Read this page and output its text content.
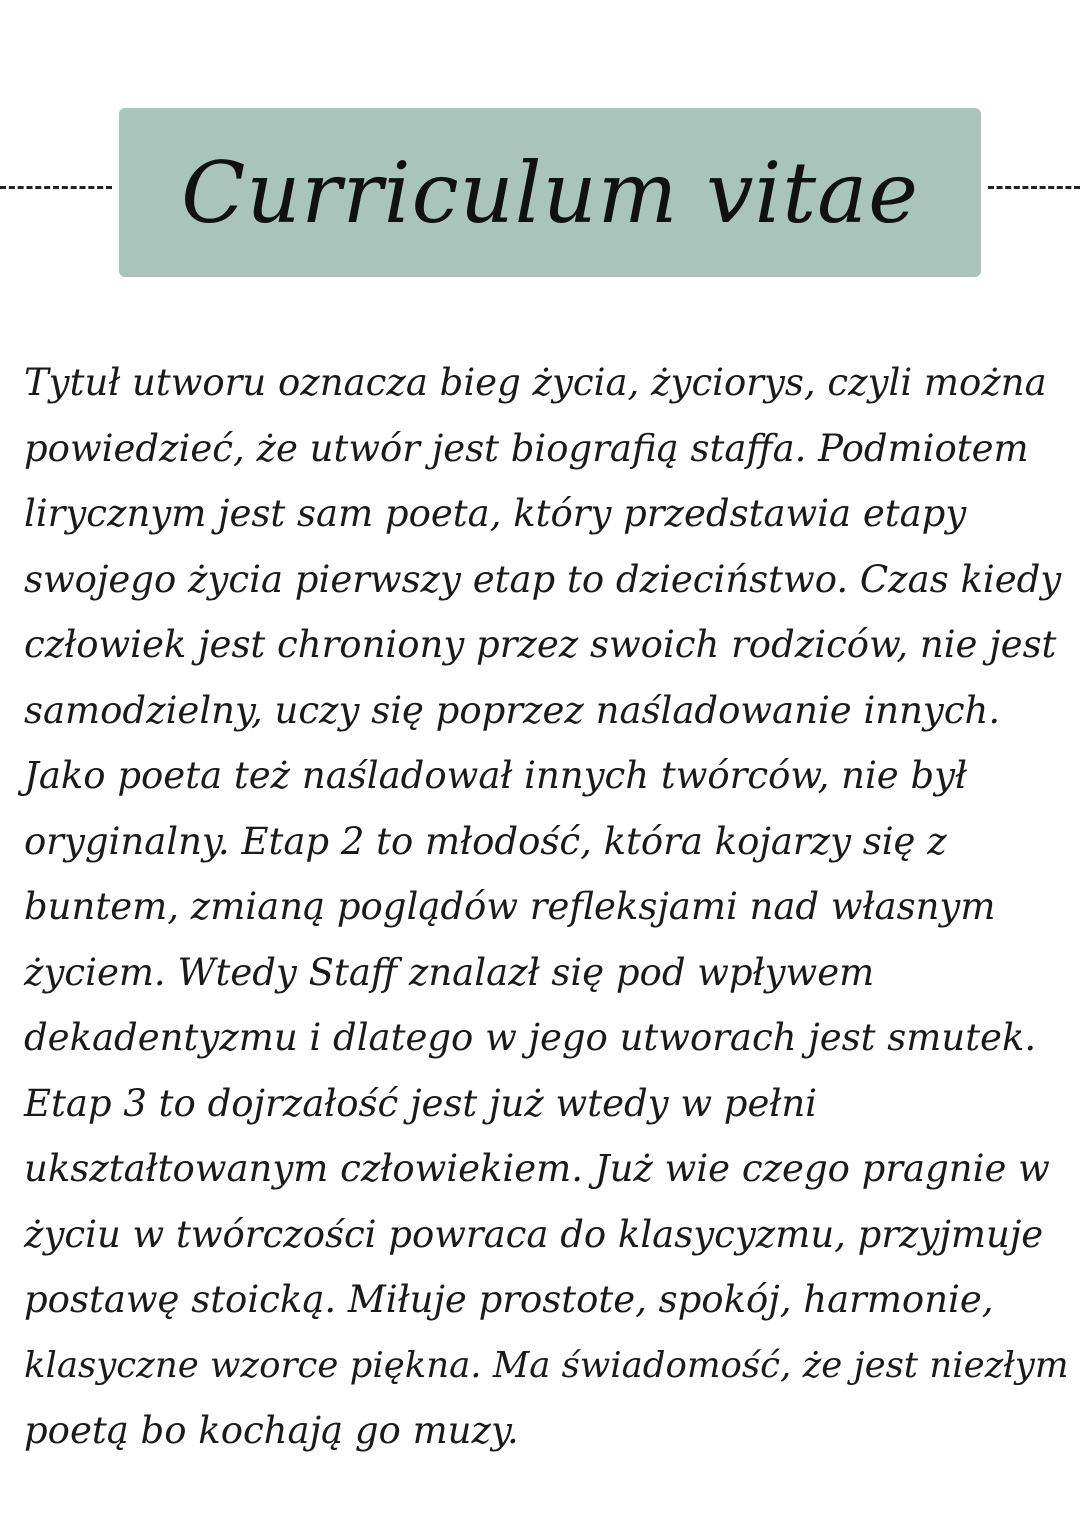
Curriculum vitae
Tytuł utworu oznacza bieg życia, życiorys, czyli można
powiedzieć, że utwór jest biografią staffa. Podmiotem
lirycznym jest sam poeta, który przedstawia etapy
swojego życia pierwszy etap to dzieciństwo. Czas kiedy
człowiek jest chroniony przez swoich rodziców, nie jest
samodzielny, uczy się poprzez naśladowanie innych.
Jako poeta też naśladował innych twórców, nie był
oryginalny. Etap 2 to młodość, która kojarzy się z
buntem, zmianą poglądów refleksjami nad własnym
życiem. Wtedy Staff znalazł się pod wpływem
dekadentyzmu i dlatego w jego utworach jest smutek.
Etap 3 to dojrzałość jest już wtedy w pełni
ukształtowanym człowiekiem. Już wie czego pragnie w
życiu w twórczości powraca do klasycyzmu, przyjmuje
postawę stoicką. Miłuje prostote, spokój, harmonie,
klasyczne wzorce piękna. Ma świadomość, że jest niezłym
poetą bo kochają go muzy.
